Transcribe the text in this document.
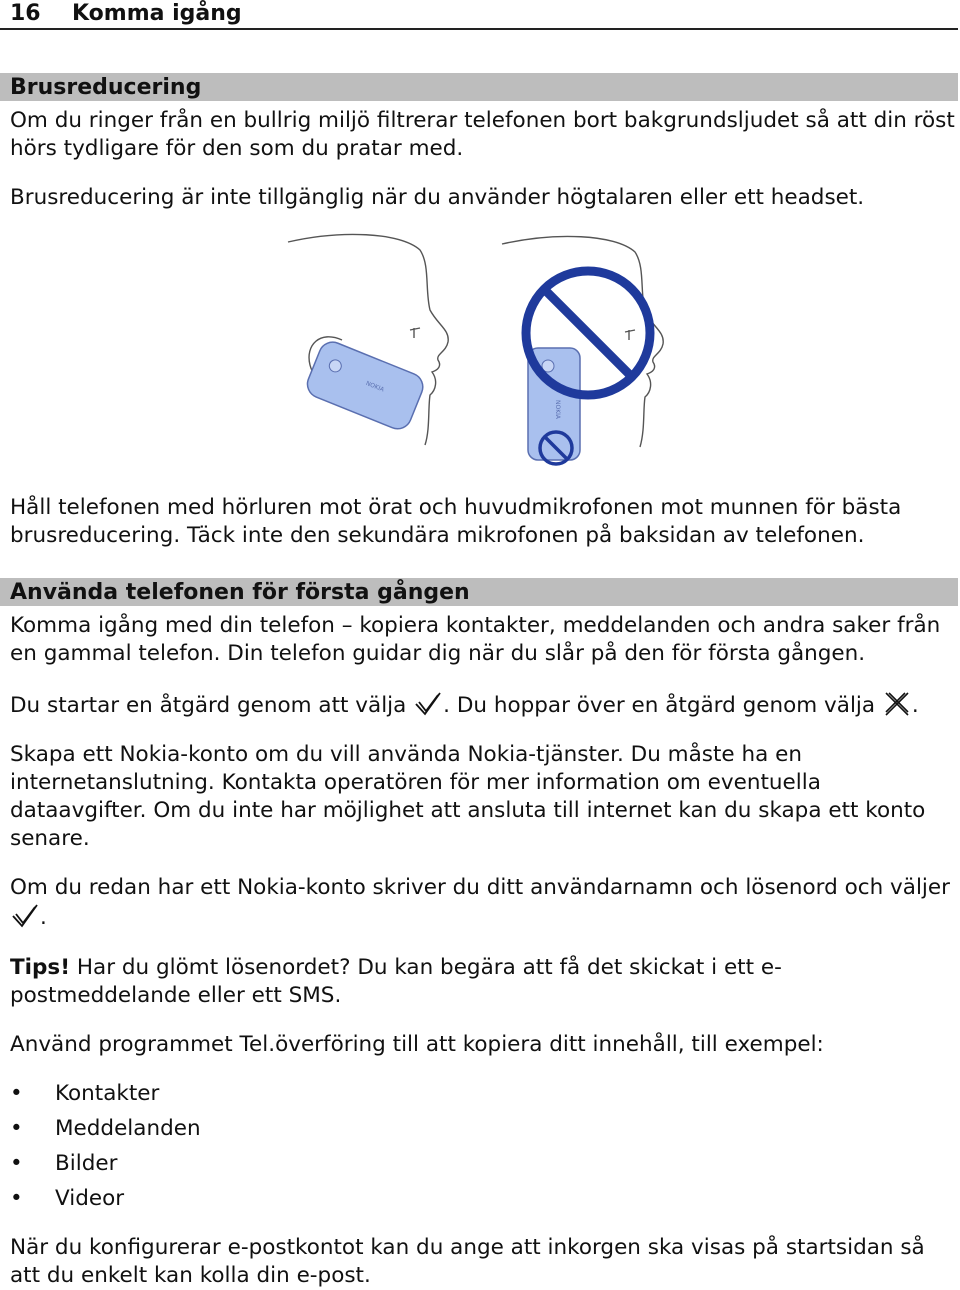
16 Komma igång
Brusreducering

Om du ringer från en bullrig miljö filtrerar telefonen bort bakgrundsljudet så att din röst hörs tydligare för den som du pratar med.

Brusreducering är inte tillgänglig när du använder högtalaren eller ett headset.

NOKIA
NOKIA

Håll telefonen med hörluren mot örat och huvudmikrofonen mot munnen för bästa brusreducering. Täck inte den sekundära mikrofonen på baksidan av telefonen.

Använda telefonen för första gången

Komma igång med din telefon – kopiera kontakter, meddelanden och andra saker från en gammal telefon. Din telefon guidar dig när du slår på den för första gången.

Du startar en åtgärd genom att välja . Du hoppar över en åtgärd genom välja .

Skapa ett Nokia-konto om du vill använda Nokia-tjänster. Du måste ha en internetanslutning. Kontakta operatören för mer information om eventuella dataavgifter. Om du inte har möjlighet att ansluta till internet kan du skapa ett konto senare.

Om du redan har ett Nokia-konto skriver du ditt användarnamn och lösenord och väljer.

Tips! Har du glömt lösenordet? Du kan begära att få det skickat i ett e-postmeddelande eller ett SMS.

Använd programmet Tel.överföring till att kopiera ditt innehåll, till exempel:

• Kontakter
• Meddelanden
• Bilder
• Videor

När du konfigurerar e-postkontot kan du ange att inkorgen ska visas på startsidan så att du enkelt kan kolla din e-post.
